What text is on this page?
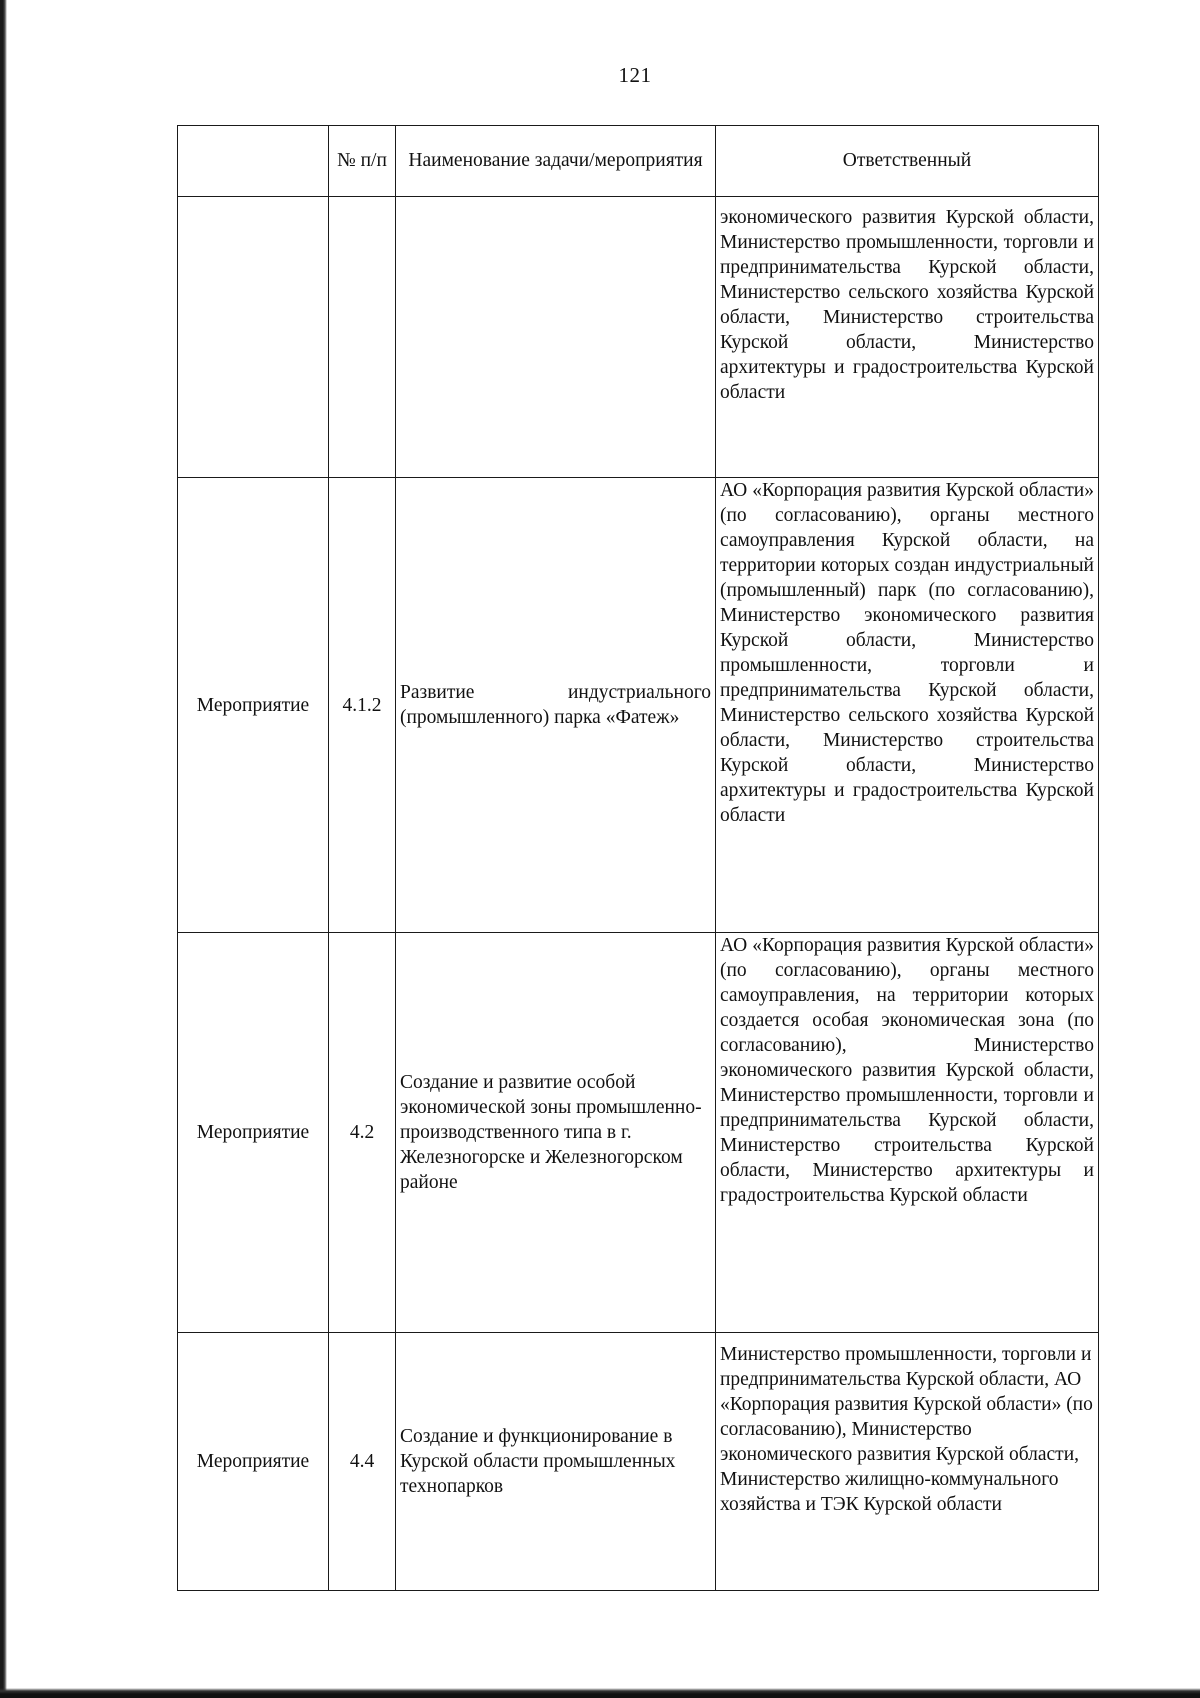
121
	№ п/п	Наименование задачи/мероприятия	Ответственный
			экономического развития Курской области, Министерство промышленности, торговли и предпринимательства Курской области, Министерство сельского хозяйства Курской области, Министерство строительства Курской области, Министерство архитектуры и градостроительства Курской области
Мероприятие	4.1.2	Развитие индустриального (промышленного) парка «Фатеж»	АО «Корпорация развития Курской области» (по согласованию), органы местного самоуправления Курской области, на территории которых создан индустриальный (промышленный) парк (по согласованию), Министерство экономического развития Курской области, Министерство промышленности, торговли и предпринимательства Курской области, Министерство сельского хозяйства Курской области, Министерство строительства Курской области, Министерство архитектуры и градостроительства Курской области
Мероприятие	4.2	Создание и развитие особой экономической зоны промышленно-производственного типа в г. Железногорске и Железногорском районе	АО «Корпорация развития Курской области» (по согласованию), органы местного самоуправления, на территории которых создается особая экономическая зона (по согласованию), Министерство экономического развития Курской области, Министерство промышленности, торговли и предпринимательства Курской области, Министерство строительства Курской области, Министерство архитектуры и градостроительства Курской области
Мероприятие	4.4	Создание и функционирование в Курской области промышленных технопарков	Министерство промышленности, торговли и предпринимательства Курской области, АО «Корпорация развития Курской области» (по согласованию), Министерство экономического развития Курской области, Министерство жилищно-коммунального хозяйства и ТЭК Курской области
